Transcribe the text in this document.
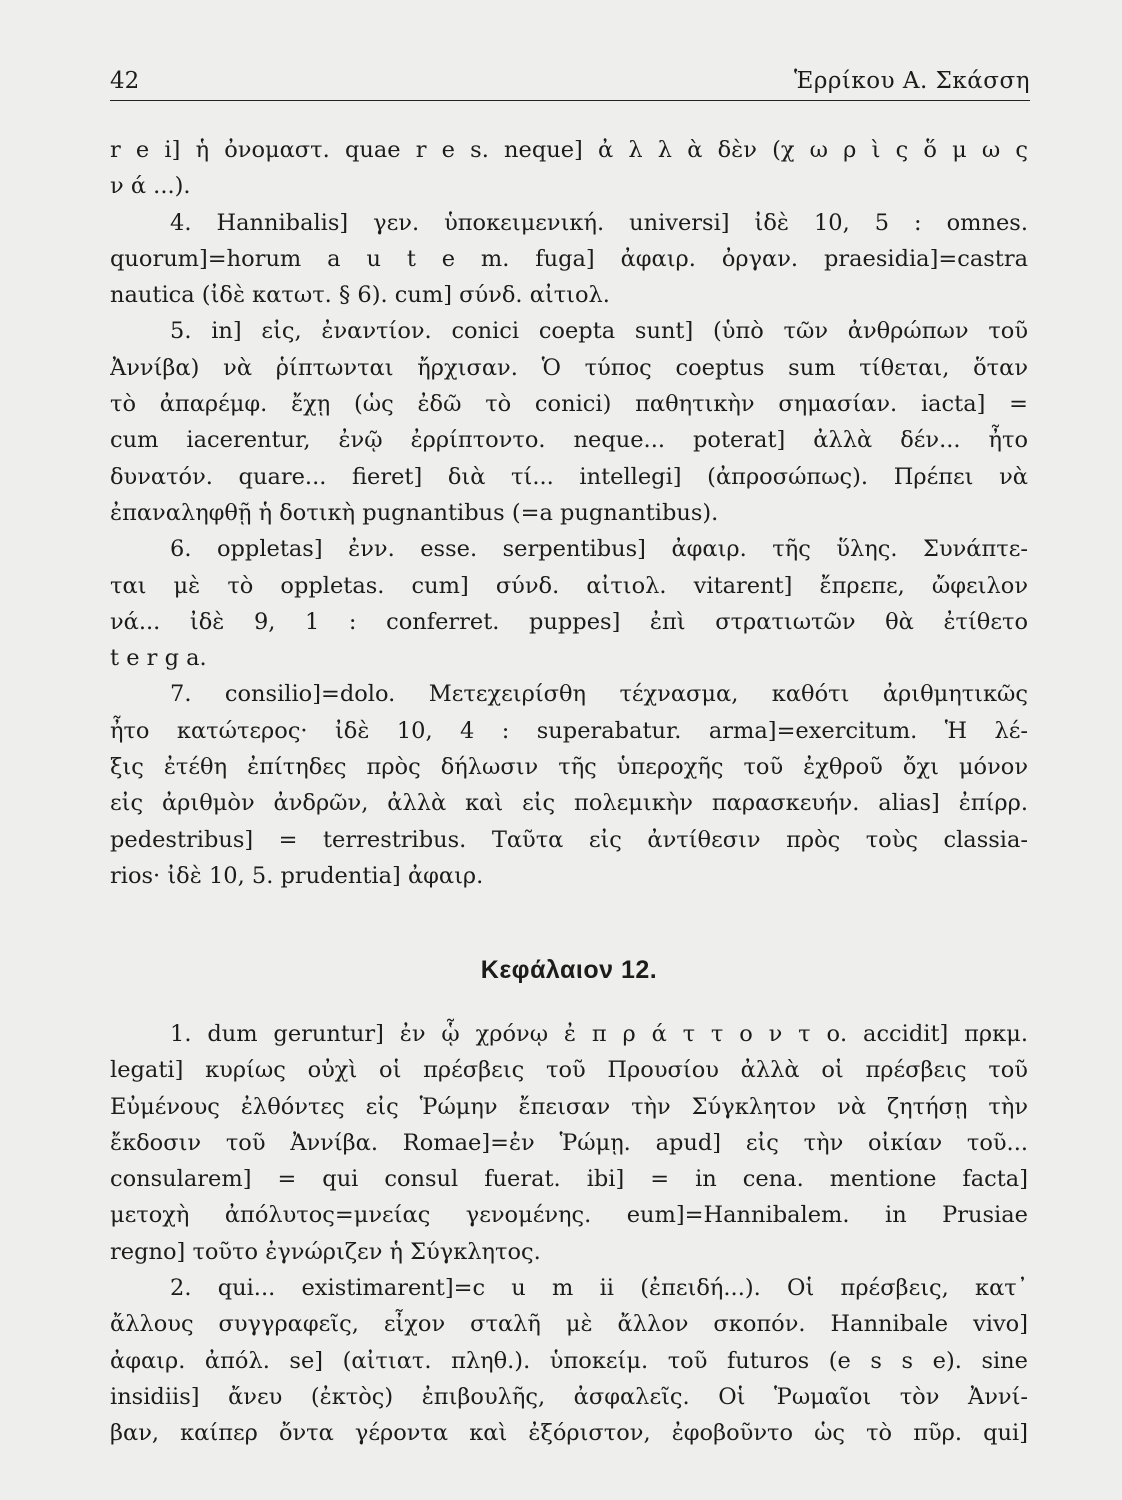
42	Ἑρρίκου Α. Σκάσση
r e i] ἡ ὀνομαστ. quae r e s. neque] ἀ λ λ ὰ δὲν (χ ω ρ ὶ ς ὅ μ ω ς
ν ά ...).
4. Hannibalis] γεν. ὑποκειμενική. universi] ἰδὲ 10, 5 : omnes.
quorum]=horum a u t e m. fuga] ἀφαιρ. ὀργαν. praesidia]=castra
nautica (ἰδὲ κατωτ. § 6). cum] σύνδ. αἰτιολ.
5. in] εἰς, ἐναντίον. conici coepta sunt] (ὑπὸ τῶν ἀνθρώπων τοῦ
Ἀννίβα) νὰ ῥίπτωνται ἤρχισαν. Ὁ τύπος coeptus sum τίθεται, ὅταν
τὸ ἀπαρέμφ. ἔχῃ (ὡς ἐδῶ τὸ conici) παθητικὴν σημασίαν. iacta] =
cum iacerentur, ἐνῷ ἐρρίπτοντο. neque... poterat] ἀλλὰ δέν... ἦτο
δυνατόν. quare... fieret] διὰ τί... intellegi] (ἀπροσώπως). Πρέπει νὰ
ἐπαναληφθῇ ἡ δοτικὴ pugnantibus (=a pugnantibus).
6. oppletas] ἐνν. esse. serpentibus] ἀφαιρ. τῆς ὕλης. Συνάπτε-
ται μὲ τὸ oppletas. cum] σύνδ. αἰτιολ. vitarent] ἔπρεπε, ὤφειλον
νά... ἰδὲ 9, 1 : conferret. puppes] ἐπὶ στρατιωτῶν θὰ ἐτίθετο
t e r g a.
7. consilio]=dolo. Μετεχειρίσθη τέχνασμα, καθότι ἀριθμητικῶς
ἦτο κατώτερος· ἰδὲ 10, 4 : superabatur. arma]=exercitum. Ἡ λέ-
ξις ἐτέθη ἐπίτηδες πρὸς δήλωσιν τῆς ὑπεροχῆς τοῦ ἐχθροῦ ὄχι μόνον
εἰς ἀριθμὸν ἀνδρῶν, ἀλλὰ καὶ εἰς πολεμικὴν παρασκευήν. alias] ἐπίρρ.
pedestribus] = terrestribus. Ταῦτα εἰς ἀντίθεσιν πρὸς τοὺς classia-
rios· ἰδὲ 10, 5. prudentia] ἀφαιρ.
Κεφάλαιον 12.
1. dum geruntur] ἐν ᾧ χρόνῳ ἐ π ρ ά τ τ ο ν τ ο. accidit] πρκμ.
legati] κυρίως οὐχὶ οἱ πρέσβεις τοῦ Προυσίου ἀλλὰ οἱ πρέσβεις τοῦ
Εὐμένους ἐλθόντες εἰς Ῥώμην ἔπεισαν τὴν Σύγκλητον νὰ ζητήσῃ τὴν
ἔκδοσιν τοῦ Ἀννίβα. Romae]=ἐν Ῥώμῃ. apud] εἰς τὴν οἰκίαν τοῦ...
consularem] = qui consul fuerat. ibi] = in cena. mentione facta]
μετοχὴ ἀπόλυτος=μνείας γενομένης. eum]=Hannibalem. in Prusiae
regno] τοῦτο ἐγνώριζεν ἡ Σύγκλητος.
2. qui... existimarent]=c u m ii (ἐπειδή...). Οἱ πρέσβεις, κατ᾿
ἄλλους συγγραφεῖς, εἶχον σταλῆ μὲ ἄλλον σκοπόν. Hannibale vivo]
ἀφαιρ. ἀπόλ. se] (αἰτιατ. πληθ.). ὑποκείμ. τοῦ futuros (e s s e). sine
insidiis] ἄνευ (ἐκτὸς) ἐπιβουλῆς, ἀσφαλεῖς. Οἱ Ῥωμαῖοι τὸν Ἀννί-
βαν, καίπερ ὄντα γέροντα καὶ ἐξόριστον, ἐφοβοῦντο ὡς τὸ πῦρ. qui]
